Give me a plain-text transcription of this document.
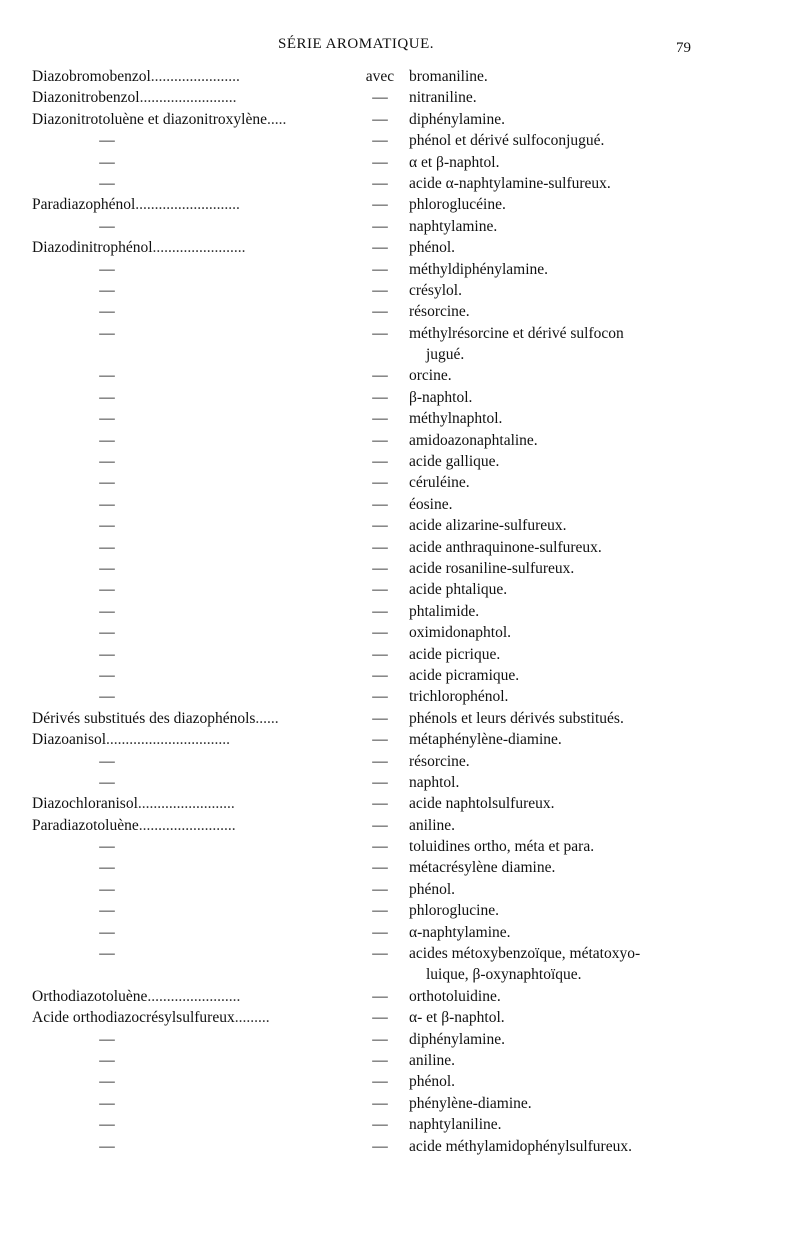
SÉRIE AROMATIQUE.	79
Diazobromobenzol.......................	avec bromaniline.
Diazonitrobenzol.........................	—	nitraniline.
Diazonitrotoluène et diazonitroxylène.....	—	diphénylamine.
—	—	phénol et dérivé sulfoconjugué.
—	—	α et β-naphtol.
—	—	acide α-naphtylamine-sulfureux.
Paradiazophénol...........................	—	phloroglucéine.
—	—	naphtylamine.
Diazodinitrophénol........................	—	phénol.
—	—	méthyldiphénylamine.
—	—	crésylol.
—	—	résorcine.
—	—	méthylrésorcine et dérivé sulfocon
jugué.
—	—	orcine.
—	—	β-naphtol.
—	—	méthylnaphtol.
—	—	amidoazonaphtaline.
—	—	acide gallique.
—	—	céruléine.
—	—	éosine.
—	—	acide alizarine-sulfureux.
—	—	acide anthraquinone-sulfureux.
—	—	acide rosaniline-sulfureux.
—	—	acide phtalique.
—	—	phtalimide.
—	—	oximidonaphtol.
—	—	acide picrique.
—	—	acide picramique.
—	—	trichlorophénol.
Dérivés substitués des diazophénols......	—	phénols et leurs dérivés substitués.
Diazoanisol................................	—	métaphénylène-diamine.
—	—	résorcine.
—	—	naphtol.
Diazochloranisol.........................	—	acide naphtolsulfureux.
Paradiazotoluène.........................	—	aniline.
—	—	toluidines ortho, méta et para.
—	—	métacrésylène diamine.
—	—	phénol.
—	—	phloroglucine.
—	—	α-naphtylamine.
—	—	acides métoxybenzoïque, métatoxyo-
luique, β-oxynaphtoïque.
Orthodiazotoluène........................	—	orthotoluidine.
Acide orthodiazocrésylsulfureux.........	—	α- et β-naphtol.
—	—	diphénylamine.
—	—	aniline.
—	—	phénol.
—	—	phénylène-diamine.
—	—	naphtylaniline.
—	—	acide méthylamidophénylsulfureux.
